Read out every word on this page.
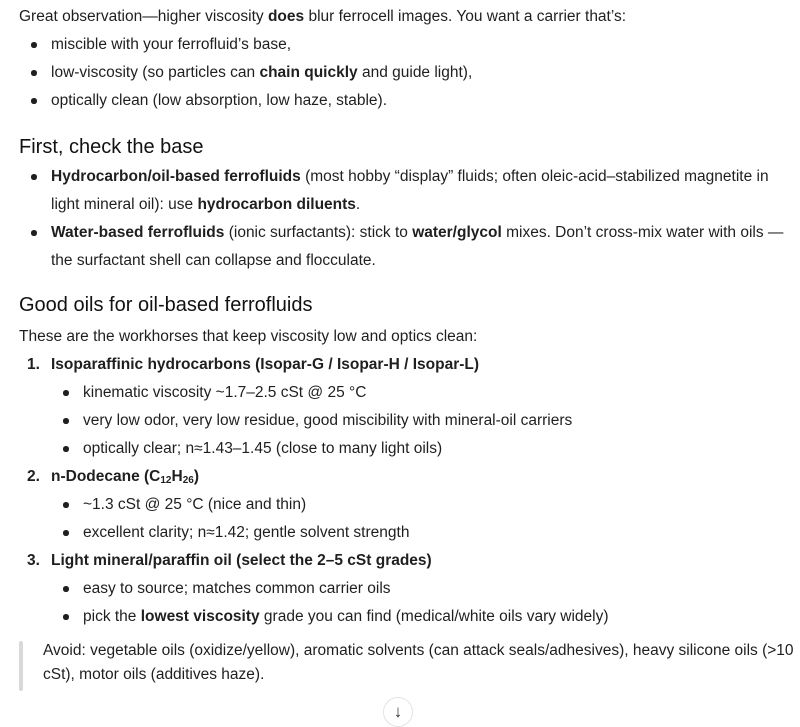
Great observation—higher viscosity does blur ferrocell images. You want a carrier that’s:

miscible with your ferrofluid’s base,
low-viscosity (so particles can chain quickly and guide light),
optically clean (low absorption, low haze, stable).
First, check the base
Hydrocarbon/oil-based ferrofluids (most hobby “display” fluids; often oleic-acid–stabilized magnetite in light mineral oil): use hydrocarbon diluents.
Water-based ferrofluids (ionic surfactants): stick to water/glycol mixes. Don’t cross-mix water with oils —the surfactant shell can collapse and flocculate.
Good oils for oil-based ferrofluids

These are the workhorses that keep viscosity low and optics clean:

1. Isoparaffinic hydrocarbons (Isopar-G / Isopar-H / Isopar-L)
kinematic viscosity ~1.7–2.5 cSt @ 25 °C
very low odor, very low residue, good miscibility with mineral-oil carriers
optically clear; n≈1.43–1.45 (close to many light oils)
2. n-Dodecane $(C_{12}H_{26})$
~1.3 cSt @ 25 °C (nice and thin)
excellent clarity; n≈1.42; gentle solvent strength
3. Light mineral/paraffin oil (select the 2–5 cSt grades)
easy to source; matches common carrier oils
pick the lowest viscosity grade you can find (medical/white oils vary widely)
Avoid: vegetable oils (oxidize/yellow), aromatic solvents (can attack seals/adhesives), heavy silicone oils (>10 cSt), motor oils (additives haze).
↓
